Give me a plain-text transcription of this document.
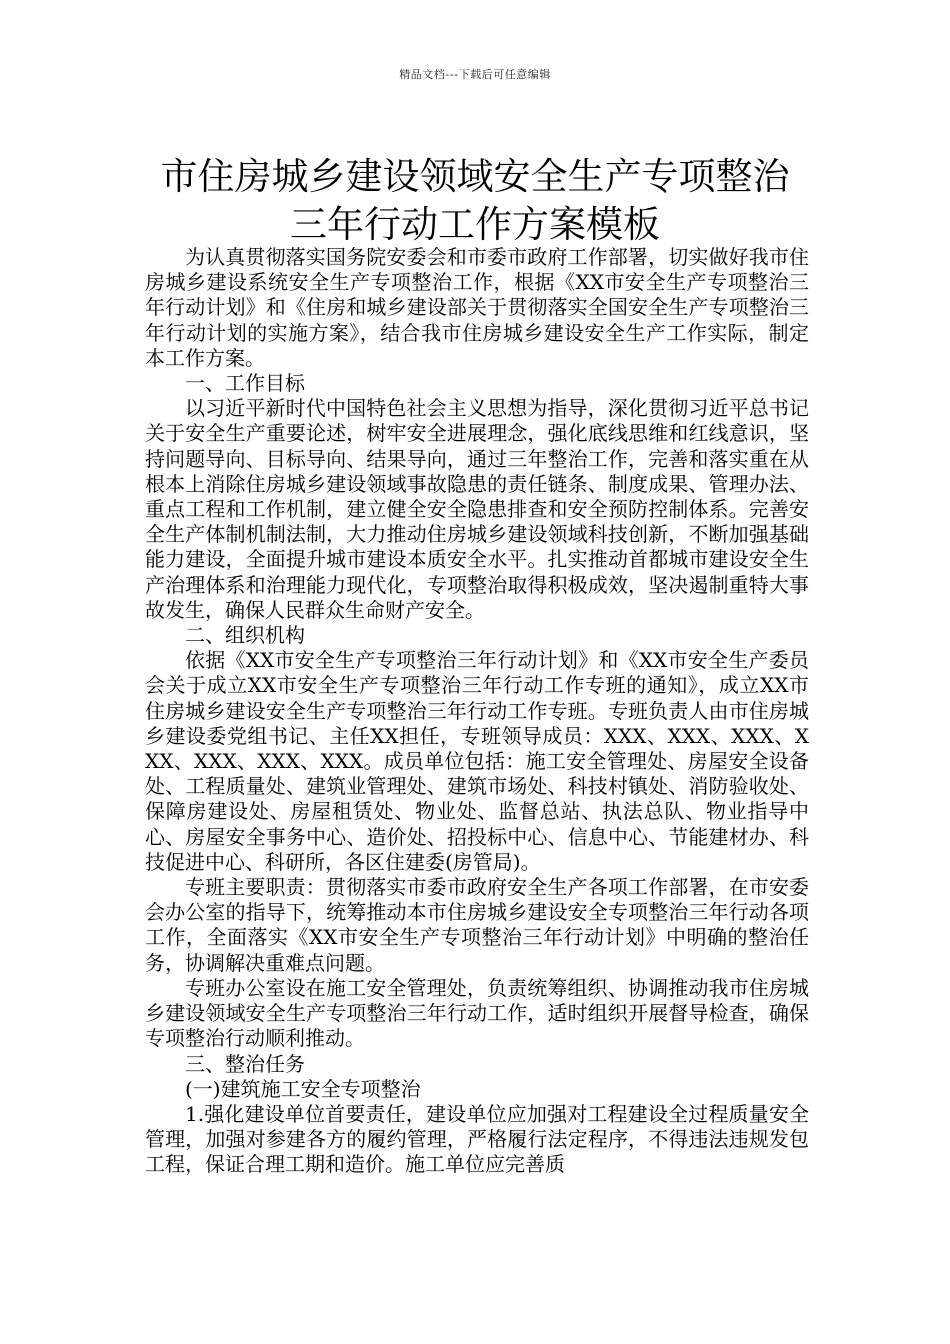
精品文档---下载后可任意编辑
市住房城乡建设领域安全生产专项整治
三年行动工作方案模板

为认真贯彻落实国务院安委会和市委市政府工作部署，切实做好我市住房城乡建设系统安全生产专项整治工作，根据《XX市安全生产专项整治三年行动计划》和《住房和城乡建设部关于贯彻落实全国安全生产专项整治三年行动计划的实施方案》，结合我市住房城乡建设安全生产工作实际，制定本工作方案。

一、工作目标

以习近平新时代中国特色社会主义思想为指导，深化贯彻习近平总书记关于安全生产重要论述，树牢安全进展理念，强化底线思维和红线意识，坚持问题导向、目标导向、结果导向，通过三年整治工作，完善和落实重在从根本上消除住房城乡建设领域事故隐患的责任链条、制度成果、管理办法、重点工程和工作机制，建立健全安全隐患排查和安全预防控制体系。完善安全生产体制机制法制，大力推动住房城乡建设领域科技创新，不断加强基础能力建设，全面提升城市建设本质安全水平。扎实推动首都城市建设安全生产治理体系和治理能力现代化，专项整治取得积极成效，坚决遏制重特大事故发生，确保人民群众生命财产安全。

二、组织机构

依据《XX市安全生产专项整治三年行动计划》和《XX市安全生产委员会关于成立XX市安全生产专项整治三年行动工作专班的通知》，成立XX市住房城乡建设安全生产专项整治三年行动工作专班。专班负责人由市住房城乡建设委党组书记、主任XX担任，专班领导成员：XXX、XXX、XXX、XXX、XXX、XXX、XXX。成员单位包括：施工安全管理处、房屋安全设备处、工程质量处、建筑业管理处、建筑市场处、科技村镇处、消防验收处、保障房建设处、房屋租赁处、物业处、监督总站、执法总队、物业指导中心、房屋安全事务中心、造价处、招投标中心、信息中心、节能建材办、科技促进中心、科研所，各区住建委(房管局)。

专班主要职责：贯彻落实市委市政府安全生产各项工作部署，在市安委会办公室的指导下，统筹推动本市住房城乡建设安全专项整治三年行动各项工作，全面落实《XX市安全生产专项整治三年行动计划》中明确的整治任务，协调解决重难点问题。

专班办公室设在施工安全管理处，负责统筹组织、协调推动我市住房城乡建设领域安全生产专项整治三年行动工作，适时组织开展督导检查，确保专项整治行动顺利推动。

三、整治任务

(一)建筑施工安全专项整治

1.强化建设单位首要责任，建设单位应加强对工程建设全过程质量安全管理，加强对参建各方的履约管理，严格履行法定程序，不得违法违规发包工程，保证合理工期和造价。施工单位应完善质
